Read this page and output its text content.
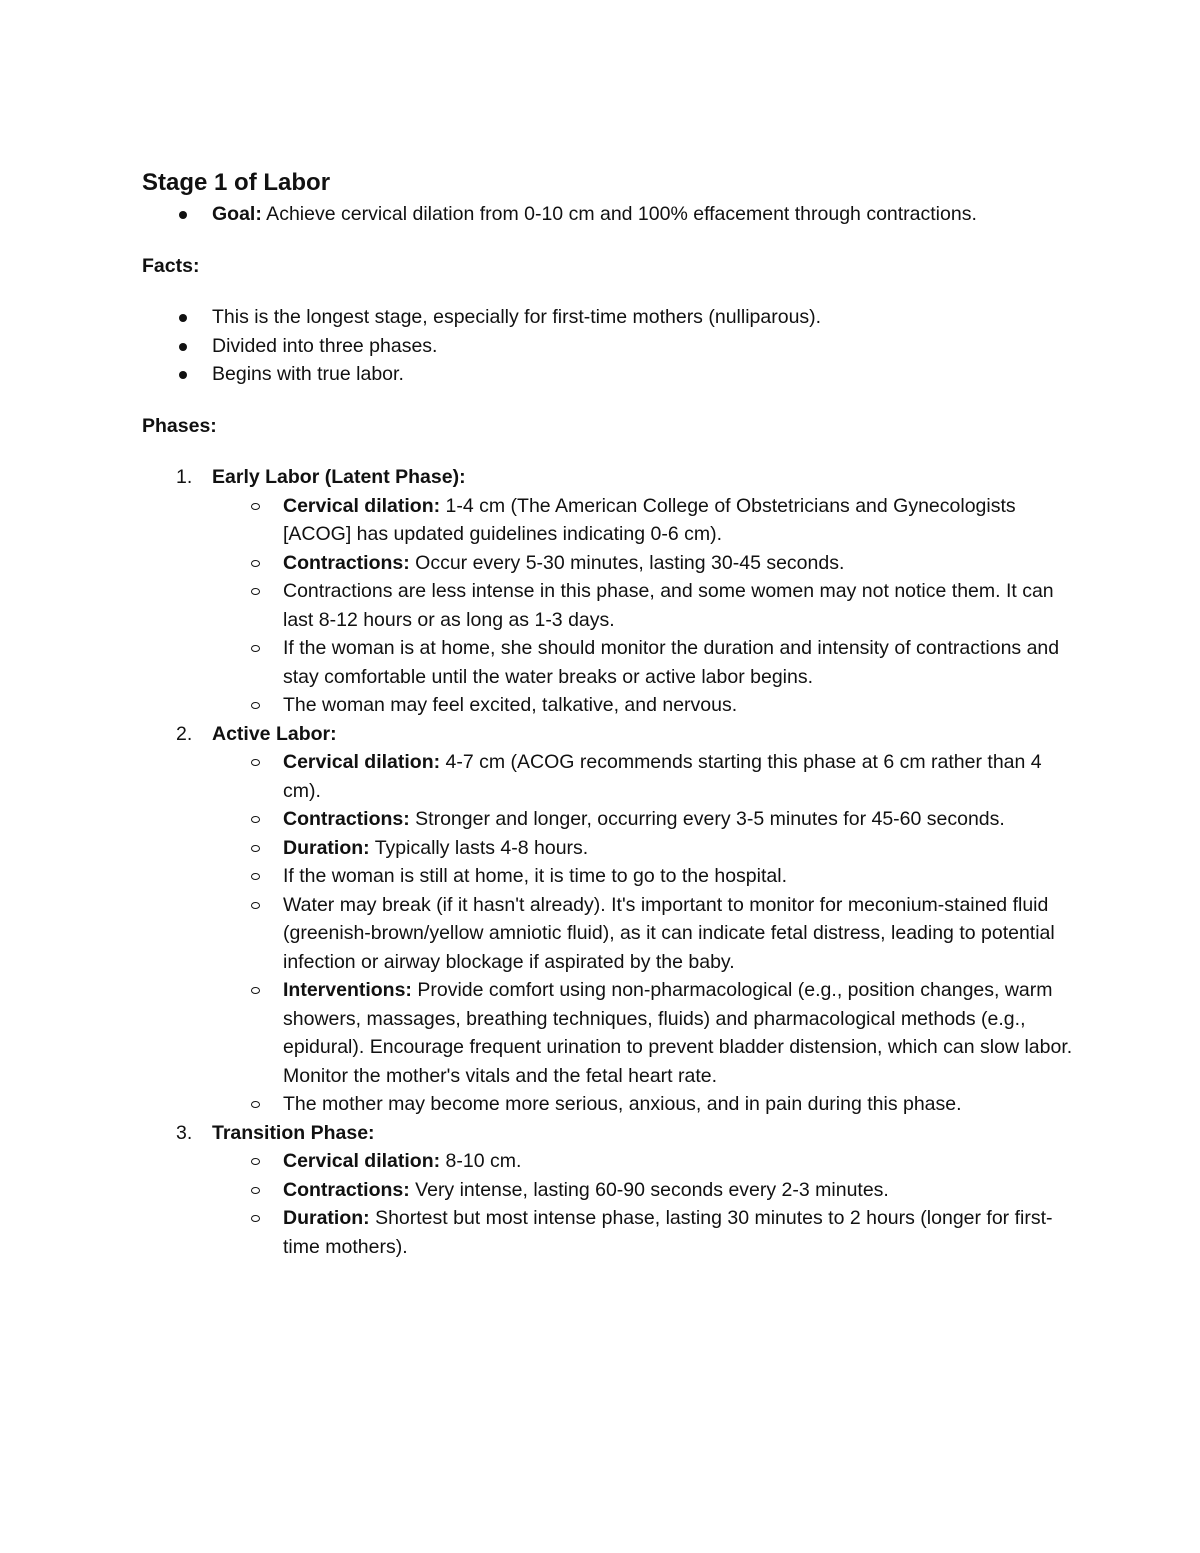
Stage 1 of Labor
Goal: Achieve cervical dilation from 0-10 cm and 100% effacement through contractions.

Facts:

This is the longest stage, especially for first-time mothers (nulliparous).
Divided into three phases.
Begins with true labor.

Phases:

1. Early Labor (Latent Phase):
Cervical dilation: 1-4 cm (The American College of Obstetricians and Gynecologists [ACOG] has updated guidelines indicating 0-6 cm).
Contractions: Occur every 5-30 minutes, lasting 30-45 seconds.
Contractions are less intense in this phase, and some women may not notice them. It can last 8-12 hours or as long as 1-3 days.
If the woman is at home, she should monitor the duration and intensity of contractions and stay comfortable until the water breaks or active labor begins.
The woman may feel excited, talkative, and nervous.
2. Active Labor:
Cervical dilation: 4-7 cm (ACOG recommends starting this phase at 6 cm rather than 4 cm).
Contractions: Stronger and longer, occurring every 3-5 minutes for 45-60 seconds.
Duration: Typically lasts 4-8 hours.
If the woman is still at home, it is time to go to the hospital.
Water may break (if it hasn't already). It's important to monitor for meconium-stained fluid (greenish-brown/yellow amniotic fluid), as it can indicate fetal distress, leading to potential infection or airway blockage if aspirated by the baby.
Interventions: Provide comfort using non-pharmacological (e.g., position changes, warm showers, massages, breathing techniques, fluids) and pharmacological methods (e.g., epidural). Encourage frequent urination to prevent bladder distension, which can slow labor. Monitor the mother's vitals and the fetal heart rate.
The mother may become more serious, anxious, and in pain during this phase.
3. Transition Phase:
Cervical dilation: 8-10 cm.
Contractions: Very intense, lasting 60-90 seconds every 2-3 minutes.
Duration: Shortest but most intense phase, lasting 30 minutes to 2 hours (longer for first-time mothers).
